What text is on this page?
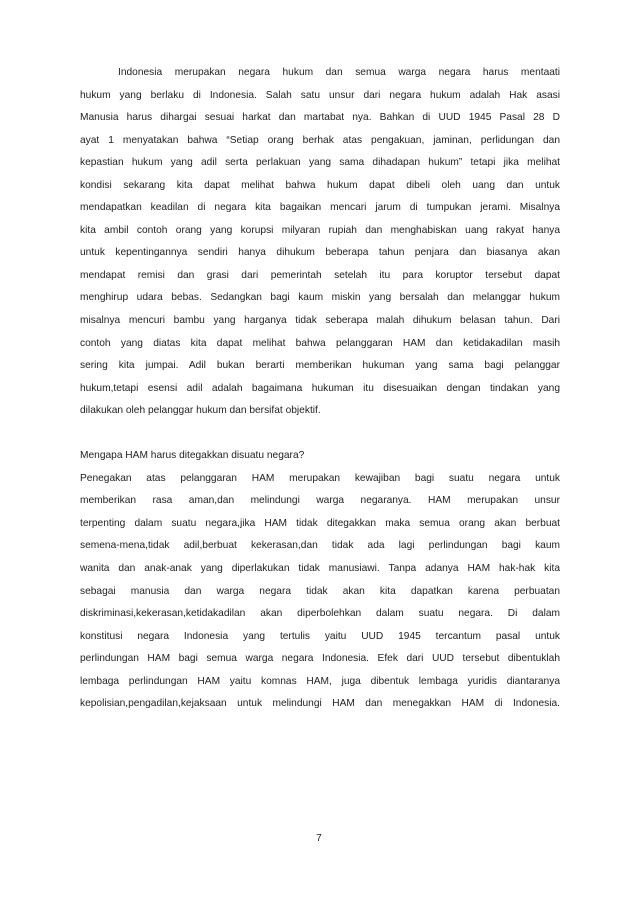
Indonesia merupakan negara hukum dan semua warga negara harus mentaati
hukum yang berlaku di Indonesia. Salah satu unsur dari negara hukum adalah Hak asasi
Manusia harus dihargai sesuai harkat dan martabat nya. Bahkan di UUD 1945 Pasal 28 D
ayat 1 menyatakan bahwa “Setiap orang berhak atas pengakuan, jaminan, perlidungan dan
kepastian hukum yang adil serta perlakuan yang sama dihadapan hukum” tetapi jika melihat
kondisi sekarang kita dapat melihat bahwa hukum dapat dibeli oleh uang dan untuk
mendapatkan keadilan di negara kita bagaikan mencari jarum di tumpukan jerami. Misalnya
kita ambil contoh orang yang korupsi milyaran rupiah dan menghabiskan uang rakyat hanya
untuk kepentingannya sendiri hanya dihukum beberapa tahun penjara dan biasanya akan
mendapat remisi dan grasi dari pemerintah setelah itu para koruptor tersebut dapat
menghirup udara bebas. Sedangkan bagi kaum miskin yang bersalah dan melanggar hukum
misalnya mencuri bambu yang harganya tidak seberapa malah dihukum belasan tahun. Dari
contoh yang diatas kita dapat melihat bahwa pelanggaran HAM dan ketidakadilan masih
sering kita jumpai. Adil bukan berarti memberikan hukuman yang sama bagi pelanggar
hukum,tetapi esensi adil adalah bagaimana hukuman itu disesuaikan dengan tindakan yang
dilakukan oleh pelanggar hukum dan bersifat objektif.
Mengapa HAM harus ditegakkan disuatu negara?
Penegakan atas pelanggaran HAM merupakan kewajiban bagi suatu negara untuk
memberikan rasa aman,dan melindungi warga negaranya. HAM merupakan unsur
terpenting dalam suatu negara,jika HAM tidak ditegakkan maka semua orang akan berbuat
semena-mena,tidak adil,berbuat kekerasan,dan tidak ada lagi perlindungan bagi kaum
wanita dan anak-anak yang diperlakukan tidak manusiawi. Tanpa adanya HAM hak-hak kita
sebagai manusia dan warga negara tidak akan kita dapatkan karena perbuatan
diskriminasi,kekerasan,ketidakadilan akan diperbolehkan dalam suatu negara. Di dalam
konstitusi negara Indonesia yang tertulis yaitu UUD 1945 tercantum pasal untuk
perlindungan HAM bagi semua warga negara Indonesia. Efek dari UUD tersebut dibentuklah
lembaga perlindungan HAM yaitu komnas HAM, juga dibentuk lembaga yuridis diantaranya
kepolisian,pengadilan,kejaksaan untuk melindungi HAM dan menegakkan HAM di Indonesia.
7
